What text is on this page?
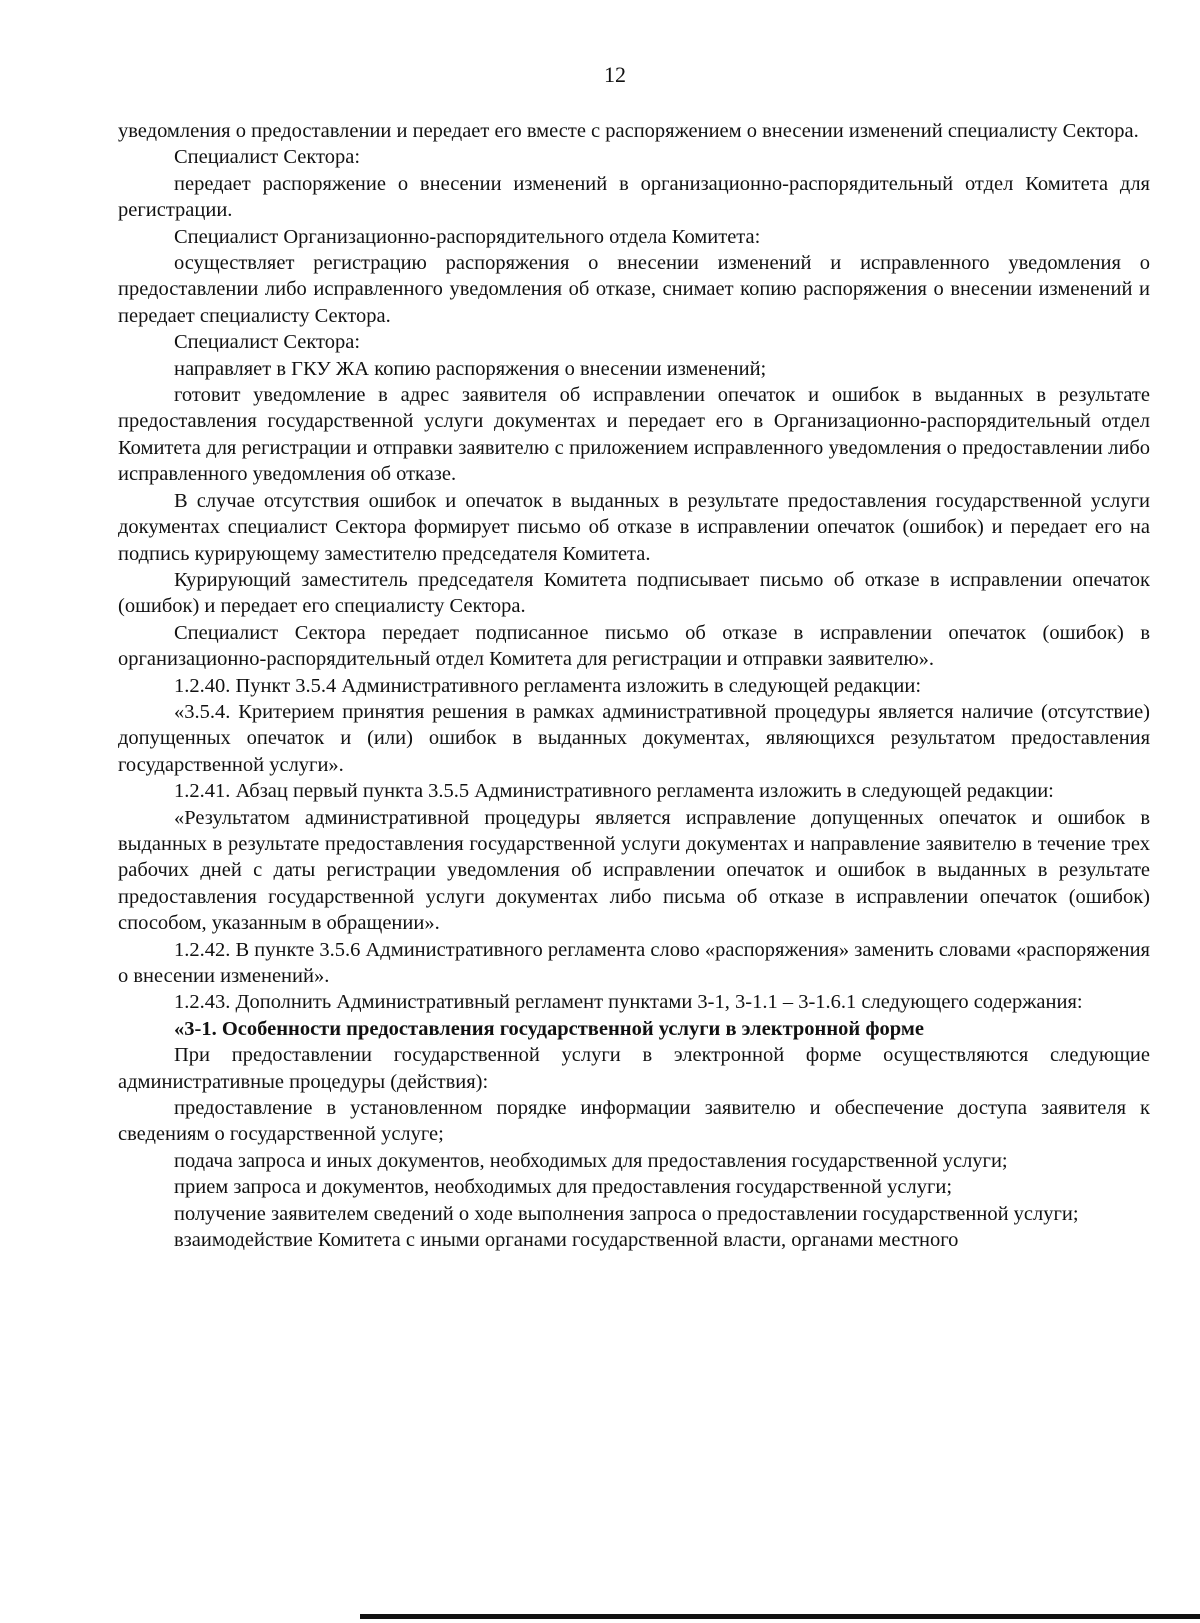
12

уведомления о предоставлении и передает его вместе с распоряжением о внесении изменений специалисту Сектора.

Специалист Сектора:

передает распоряжение о внесении изменений в организационно-распорядительный отдел Комитета для регистрации.

Специалист Организационно-распорядительного отдела Комитета:

осуществляет регистрацию распоряжения о внесении изменений и исправленного уведомления о предоставлении либо исправленного уведомления об отказе, снимает копию распоряжения о внесении изменений и передает специалисту Сектора.

Специалист Сектора:

направляет в ГКУ ЖА копию распоряжения о внесении изменений;

готовит уведомление в адрес заявителя об исправлении опечаток и ошибок в выданных в результате предоставления государственной услуги документах и передает его в Организационно-распорядительный отдел Комитета для регистрации и отправки заявителю с приложением исправленного уведомления о предоставлении либо исправленного уведомления об отказе.

В случае отсутствия ошибок и опечаток в выданных в результате предоставления государственной услуги документах специалист Сектора формирует письмо об отказе в исправлении опечаток (ошибок) и передает его на подпись курирующему заместителю председателя Комитета.

Курирующий заместитель председателя Комитета подписывает письмо об отказе в исправлении опечаток (ошибок) и передает его специалисту Сектора.

Специалист Сектора передает подписанное письмо об отказе в исправлении опечаток (ошибок) в организационно-распорядительный отдел Комитета для регистрации и отправки заявителю».

1.2.40. Пункт 3.5.4 Административного регламента изложить в следующей редакции:

«3.5.4. Критерием принятия решения в рамках административной процедуры является наличие (отсутствие) допущенных опечаток и (или) ошибок в выданных документах, являющихся результатом предоставления государственной услуги».

1.2.41. Абзац первый пункта 3.5.5 Административного регламента изложить в следующей редакции:

«Результатом административной процедуры является исправление допущенных опечаток и ошибок в выданных в результате предоставления государственной услуги документах и направление заявителю в течение трех рабочих дней с даты регистрации уведомления об исправлении опечаток и ошибок в выданных в результате предоставления государственной услуги документах либо письма об отказе в исправлении опечаток (ошибок) способом, указанным в обращении».

1.2.42. В пункте 3.5.6 Административного регламента слово «распоряжения» заменить словами «распоряжения о внесении изменений».

1.2.43. Дополнить Административный регламент пунктами 3-1, 3-1.1 – 3-1.6.1 следующего содержания:

«3-1. Особенности предоставления государственной услуги в электронной форме

При предоставлении государственной услуги в электронной форме осуществляются следующие административные процедуры (действия):

предоставление в установленном порядке информации заявителю и обеспечение доступа заявителя к сведениям о государственной услуге;

подача запроса и иных документов, необходимых для предоставления государственной услуги;

прием запроса и документов, необходимых для предоставления государственной услуги;

получение заявителем сведений о ходе выполнения запроса о предоставлении государственной услуги;

взаимодействие Комитета с иными органами государственной власти, органами местного
